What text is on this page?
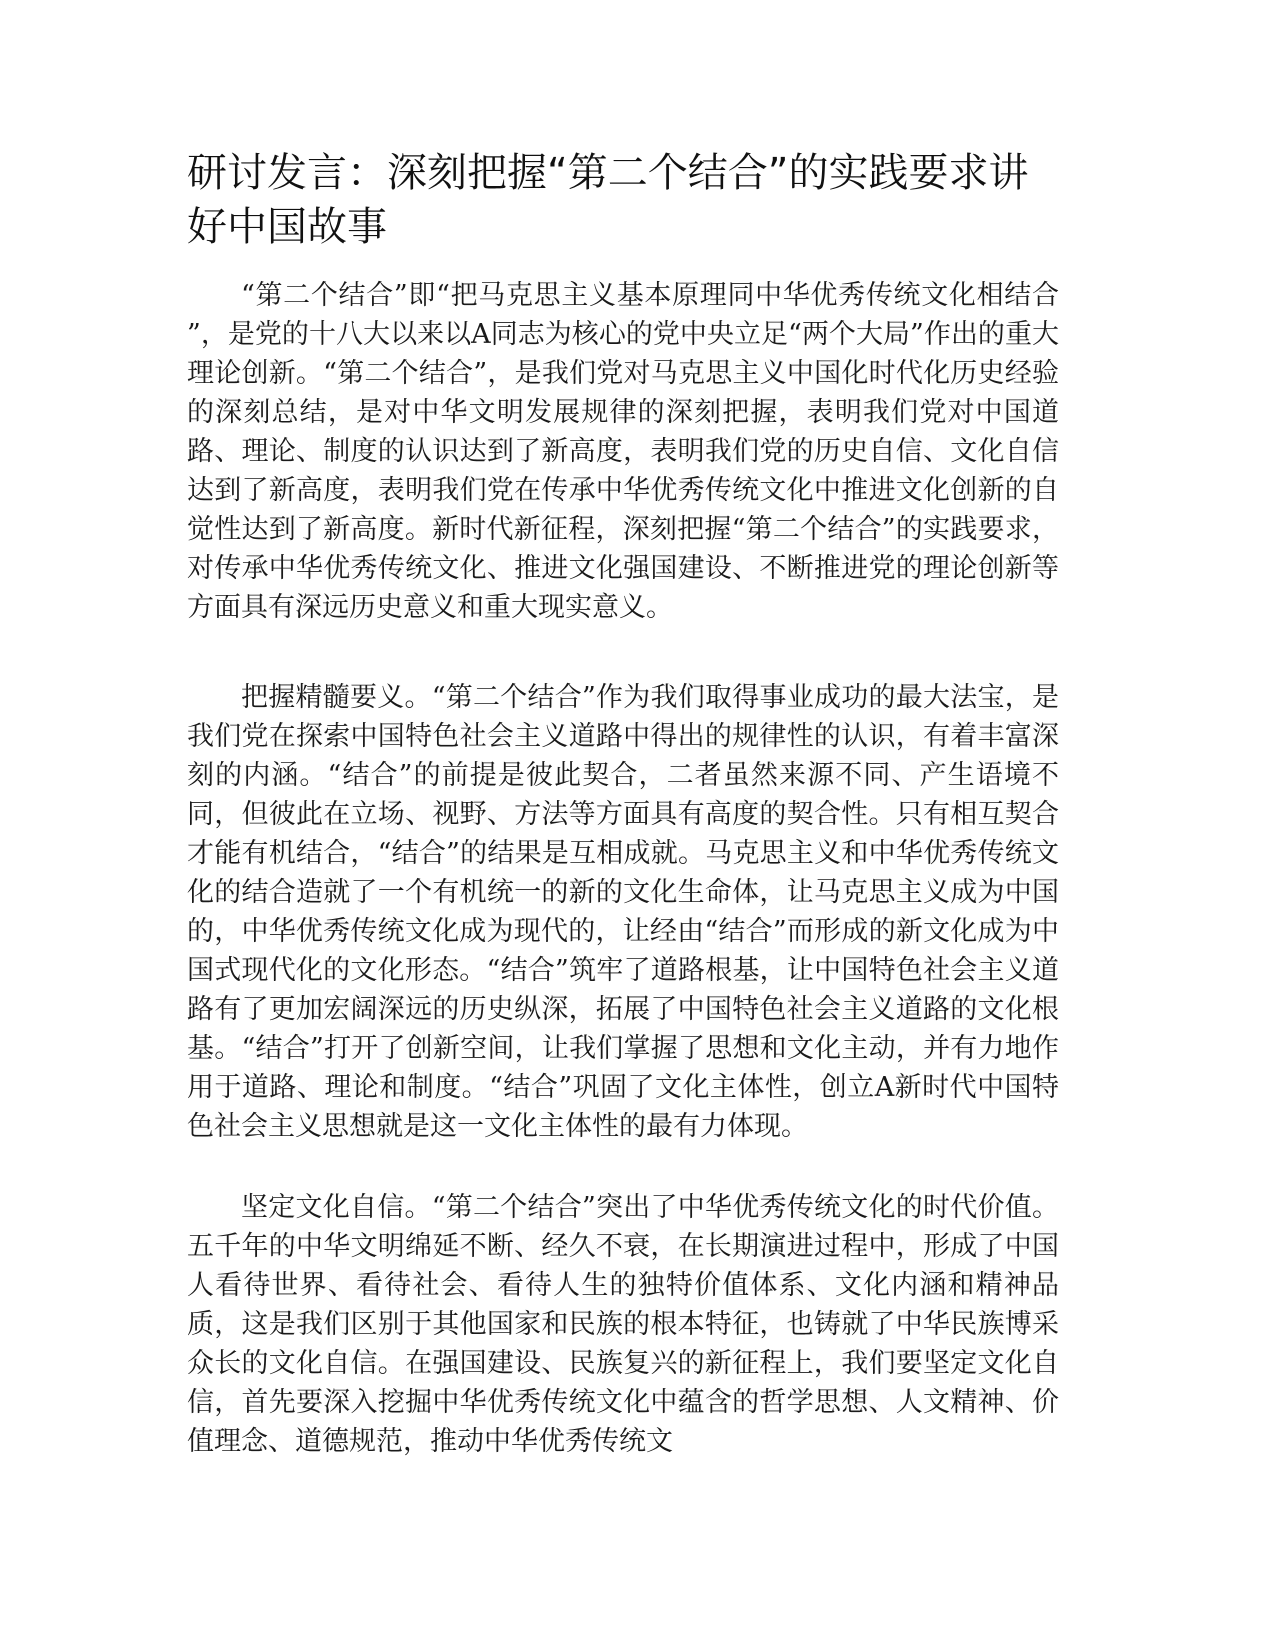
研讨发言：深刻把握“第二个结合”的实践要求讲好中国故事

“第二个结合”即“把马克思主义基本原理同中华优秀传统文化相结合 ”，是党的十八大以来以A同志为核心的党中央立足“两个大局”作出的重大理论创新。“第二个结合”，是我们党对马克思主义中国化时代化历史经验的深刻总结，是对中华文明发展规律的深刻把握，表明我们党对中国道路、理论、制度的认识达到了新高度，表明我们党的历史自信、文化自信达到了新高度，表明我们党在传承中华优秀传统文化中推进文化创新的自觉性达到了新高度。新时代新征程，深刻把握“第二个结合”的实践要求，对传承中华优秀传统文化、推进文化强国建设、不断推进党的理论创新等方面具有深远历史意义和重大现实意义。

把握精髓要义。“第二个结合”作为我们取得事业成功的最大法宝，是我们党在探索中国特色社会主义道路中得出的规律性的认识，有着丰富深刻的内涵。“结合”的前提是彼此契合，二者虽然来源不同、产生语境不同，但彼此在立场、视野、方法等方面具有高度的契合性。只有相互契合才能有机结合，“结合”的结果是互相成就。马克思主义和中华优秀传统文化的结合造就了一个有机统一的新的文化生命体，让马克思主义成为中国的，中华优秀传统文化成为现代的，让经由“结合”而形成的新文化成为中国式现代化的文化形态。“结合”筑牢了道路根基，让中国特色社会主义道路有了更加宏阔深远的历史纵深，拓展了中国特色社会主义道路的文化根基。“结合”打开了创新空间，让我们掌握了思想和文化主动，并有力地作用于道路、理论和制度。“结合”巩固了文化主体性，创立A新时代中国特色社会主义思想就是这一文化主体性的最有力体现。

坚定文化自信。“第二个结合”突出了中华优秀传统文化的时代价值。五千年的中华文明绵延不断、经久不衰，在长期演进过程中，形成了中国人看待世界、看待社会、看待人生的独特价值体系、文化内涵和精神品质，这是我们区别于其他国家和民族的根本特征，也铸就了中华民族博采众长的文化自信。在强国建设、民族复兴的新征程上，我们要坚定文化自信，首先要深入挖掘中华优秀传统文化中蕴含的哲学思想、人文精神、价值理念、道德规范，推动中华优秀传统文
